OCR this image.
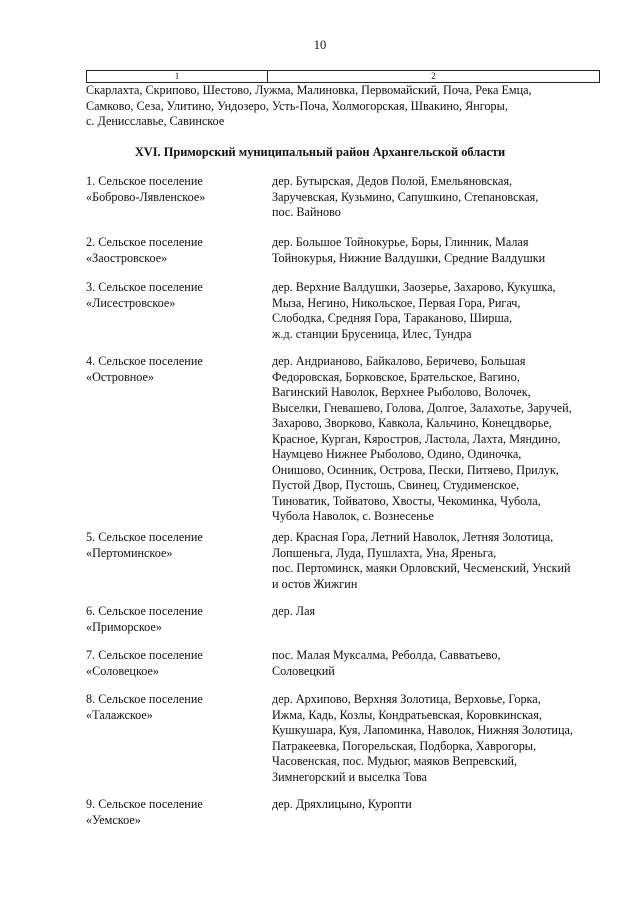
10
1	2
Скарлахта, Скрипово, Шестово, Лужма, Малиновка, Первомайский, Поча, Река Емца,
Самково, Сеза, Улитино, Ундозеро, Усть-Поча, Холмогорская, Швакино, Янгоры,
с. Денисславье, Савинское
XVI. Приморский муниципальный район Архангельской области
1. Сельское поселение
«Боброво-Лявленское»
дер. Бутырская, Дедов Полой, Емельяновская,
Заручевская, Кузьмино, Сапушкино, Степановская,
пос. Вайново
2. Сельское поселение
«Заостровское»
дер. Большое Тойнокурье, Боры, Глинник, Малая
Тойнокурья, Нижние Валдушки, Средние Валдушки
3. Сельское поселение
«Лисестровское»
дер. Верхние Валдушки, Заозерье, Захарово, Кукушка,
Мыза, Негино, Никольское, Первая Гора, Ригач,
Слободка, Средняя Гора, Тараканово, Ширша,
ж.д. станции Брусеница, Илес, Тундра
4. Сельское поселение
«Островное»
дер. Андрианово, Байкалово, Беричево, Большая
Федоровская, Борковское, Брательское, Вагино,
Вагинский Наволок, Верхнее Рыболово, Волочек,
Выселки, Гневашево, Голова, Долгое, Залахотье, Заручей,
Захарово, Зворково, Кавкола, Кальчино, Конецдворье,
Красное, Курган, Кяростров, Ластола, Лахта, Мяндино,
Наумцево Нижнее Рыболово, Одино, Одиночка,
Онишово, Осинник, Острова, Пески, Питяево, Прилук,
Пустой Двор, Пустошь, Свинец, Студименское,
Тиноватик, Тойватово, Хвосты, Чекоминка, Чубола,
Чубола Наволок, с. Вознесенье
5. Сельское поселение
«Пертоминское»
дер. Красная Гора, Летний Наволок, Летняя Золотица,
Лопшеньга, Луда, Пушлахта, Уна, Яреньга,
пос. Пертоминск, маяки Орловский, Чесменский, Унский
и остов Жижгин
6. Сельское поселение
«Приморское»
дер. Лая
7. Сельское поселение
«Соловецкое»
пос. Малая Муксалма, Реболда, Савватьево,
Соловецкий
8. Сельское поселение
«Талажское»
дер. Архипово, Верхняя Золотица, Верховье, Горка,
Ижма, Кадь, Козлы, Кондратьевская, Коровкинская,
Кушкушара, Куя, Лапоминка, Наволок, Нижняя Золотица,
Патракеевка, Погорельская, Подборка, Хаврогоры,
Часовенская, пос. Мудьюг, маяков Вепревский,
Зимнегорский и выселка Това
9. Сельское поселение
«Уемское»
дер. Дряхлицыно, Куропти
